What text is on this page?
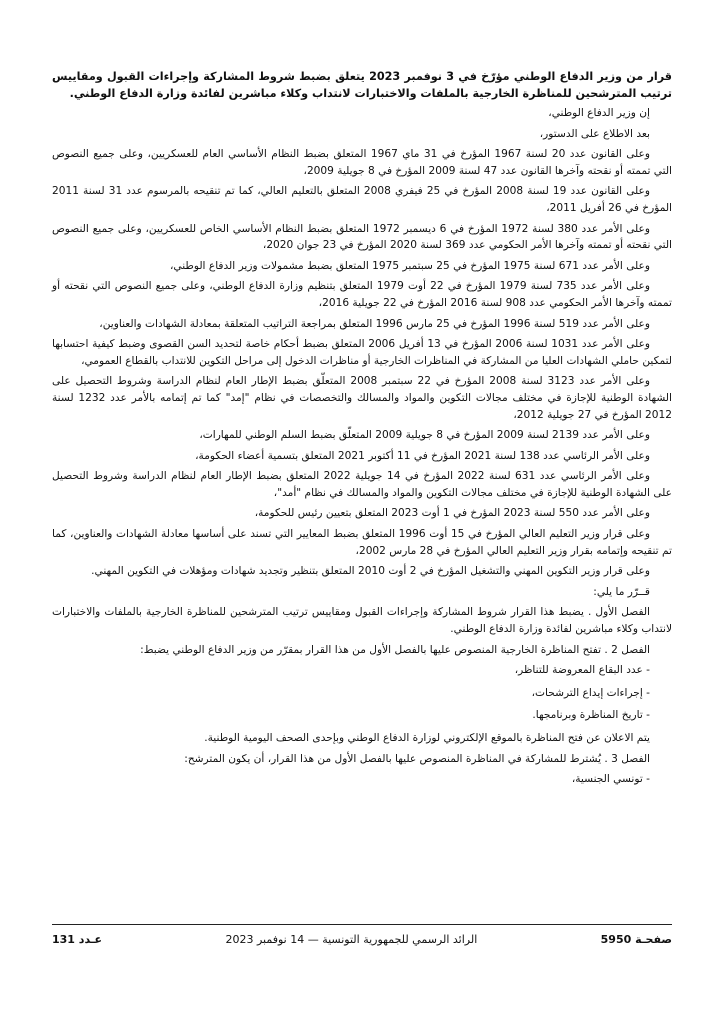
قرار من وزير الدفاع الوطني مؤرّخ في 3 نوفمبر 2023 يتعلق بضبط شروط المشاركة وإجراءات القبول ومقاييس ترتيب المترشحين للمناظرة الخارجية بالملفات والاختبارات لانتداب وكلاء مباشرين لفائدة وزارة الدفاع الوطني.

إن وزير الدفاع الوطني،

بعد الاطلاع على الدستور،

وعلى القانون عدد 20 لسنة 1967 المؤرخ في 31 ماي 1967 المتعلق بضبط النظام الأساسي العام للعسكريين، وعلى جميع النصوص التي تممته أو نقحته وآخرها القانون عدد 47 لسنة 2009 المؤرخ في 8 جويلية 2009،

وعلى القانون عدد 19 لسنة 2008 المؤرخ في 25 فيفري 2008 المتعلق بالتعليم العالي، كما تم تنقيحه بالمرسوم عدد 31 لسنة 2011 المؤرخ في 26 أفريل 2011،

وعلى الأمر عدد 380 لسنة 1972 المؤرخ في 6 ديسمبر 1972 المتعلق بضبط النظام الأساسي الخاص للعسكريين، وعلى جميع النصوص التي نقحته أو تممته وآخرها الأمر الحكومي عدد 369 لسنة 2020 المؤرخ في 23 جوان 2020،

وعلى الأمر عدد 671 لسنة 1975 المؤرخ في 25 سبتمبر 1975 المتعلق بضبط مشمولات وزير الدفاع الوطني،

وعلى الأمر عدد 735 لسنة 1979 المؤرخ في 22 أوت 1979 المتعلق بتنظيم وزارة الدفاع الوطني، وعلى جميع النصوص التي نقحته أو تممته وآخرها الأمر الحكومي عدد 908 لسنة 2016 المؤرخ في 22 جويلية 2016،

وعلى الأمر عدد 519 لسنة 1996 المؤرخ في 25 مارس 1996 المتعلق بمراجعة التراتيب المتعلقة بمعادلة الشهادات والعناوين،

وعلى الأمر عدد 1031 لسنة 2006 المؤرخ في 13 أفريل 2006 المتعلق بضبط أحكام خاصة لتحديد السن القصوى وضبط كيفية احتسابها لتمكين حاملي الشهادات العليا من المشاركة في المناظرات الخارجية أو مناظرات الدخول إلى مراحل التكوين للانتداب بالقطاع العمومي،

وعلى الأمر عدد 3123 لسنة 2008 المؤرخ في 22 سبتمبر 2008 المتعلّق بضبط الإطار العام لنظام الدراسة وشروط التحصيل على الشهادة الوطنية للإجازة في مختلف مجالات التكوين والمواد والمسالك والتخصصات في نظام "إمد" كما تم إتمامه بالأمر عدد 1232 لسنة 2012 المؤرخ في 27 جويلية 2012،

وعلى الأمر عدد 2139 لسنة 2009 المؤرخ في 8 جويلية 2009 المتعلّق بضبط السلم الوطني للمهارات،

وعلى الأمر الرئاسي عدد 138 لسنة 2021 المؤرخ في 11 أكتوبر 2021 المتعلق بتسمية أعضاء الحكومة،

وعلى الأمر الرئاسي عدد 631 لسنة 2022 المؤرخ في 14 جويلية 2022 المتعلق بضبط الإطار العام لنظام الدراسة وشروط التحصيل على الشهادة الوطنية للإجازة في مختلف مجالات التكوين والمواد والمسالك في نظام "أمد"،

وعلى الأمر عدد 550 لسنة 2023 المؤرخ في 1 أوت 2023 المتعلق بتعيين رئيس للحكومة،

وعلى قرار وزير التعليم العالي المؤرخ في 15 أوت 1996 المتعلق بضبط المعايير التي تسند على أساسها معادلة الشهادات والعناوين، كما تم تنقيحه وإتمامه بقرار وزير التعليم العالي المؤرخ في 28 مارس 2002،

وعلى قرار وزير التكوين المهني والتشغيل المؤرخ في 2 أوت 2010 المتعلق بتنظير وتجديد شهادات ومؤهلات في التكوين المهني.

قــرّر ما يلي:

الفصل الأول . يضبط هذا القرار شروط المشاركة وإجراءات القبول ومقاييس ترتيب المترشحين للمناظرة الخارجية بالملفات والاختبارات لانتداب وكلاء مباشرين لفائدة وزارة الدفاع الوطني.

الفصل 2 . تفتح المناظرة الخارجية المنصوص عليها بالفصل الأول من هذا القرار بمقرّر من وزير الدفاع الوطني يضبط:

- عدد البقاع المعروضة للتناظر،
- إجراءات إيداع الترشحات،
- تاريخ المناظرة وبرنامجها.

يتم الاعلان عن فتح المناظرة بالموقع الإلكتروني لوزارة الدفاع الوطني وبإحدى الصحف اليومية الوطنية.

الفصل 3 . يُشترط للمشاركة في المناظرة المنصوص عليها بالفصل الأول من هذا القرار، أن يكون المترشح:

- تونسي الجنسية،
صفحـة 5950
الرائد الرسمي للجمهورية التونسية — 14 نوفمبر 2023
عـدد 131
